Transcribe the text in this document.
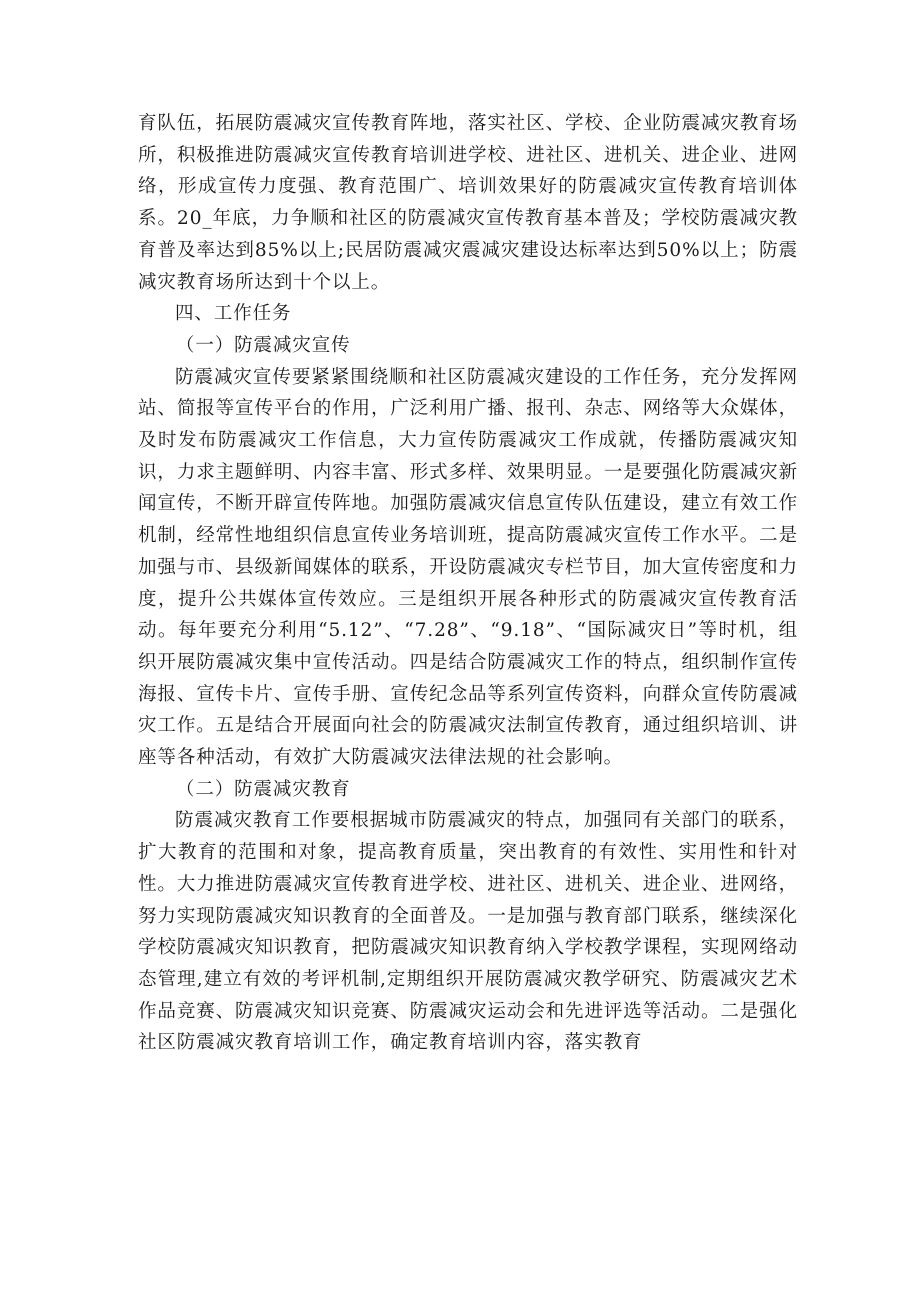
育队伍，拓展防震减灾宣传教育阵地，落实社区、学校、企业防震减灾教育场所，积极推进防震减灾宣传教育培训进学校、进社区、进机关、进企业、进网络，形成宣传力度强、教育范围广、培训效果好的防震减灾宣传教育培训体系。20_年底，力争顺和社区的防震减灾宣传教育基本普及；学校防震减灾教育普及率达到85%以上;民居防震减灾震减灾建设达标率达到50%以上；防震减灾教育场所达到十个以上。

四、工作任务

（一）防震减灾宣传

防震减灾宣传要紧紧围绕顺和社区防震减灾建设的工作任务，充分发挥网站、简报等宣传平台的作用，广泛利用广播、报刊、杂志、网络等大众媒体，及时发布防震减灾工作信息，大力宣传防震减灾工作成就，传播防震减灾知识，力求主题鲜明、内容丰富、形式多样、效果明显。一是要强化防震减灾新闻宣传，不断开辟宣传阵地。加强防震减灾信息宣传队伍建设，建立有效工作机制，经常性地组织信息宣传业务培训班，提高防震减灾宣传工作水平。二是加强与市、县级新闻媒体的联系，开设防震减灾专栏节目，加大宣传密度和力度，提升公共媒体宣传效应。三是组织开展各种形式的防震减灾宣传教育活动。每年要充分利用“5.12”、“7.28”、“9.18”、“国际减灾日”等时机，组织开展防震减灾集中宣传活动。四是结合防震减灾工作的特点，组织制作宣传海报、宣传卡片、宣传手册、宣传纪念品等系列宣传资料，向群众宣传防震减灾工作。五是结合开展面向社会的防震减灾法制宣传教育，通过组织培训、讲座等各种活动，有效扩大防震减灾法律法规的社会影响。

（二）防震减灾教育

防震减灾教育工作要根据城市防震减灾的特点，加强同有关部门的联系，扩大教育的范围和对象，提高教育质量，突出教育的有效性、实用性和针对性。大力推进防震减灾宣传教育进学校、进社区、进机关、进企业、进网络，努力实现防震减灾知识教育的全面普及。一是加强与教育部门联系，继续深化学校防震减灾知识教育，把防震减灾知识教育纳入学校教学课程，实现网络动态管理,建立有效的考评机制,定期组织开展防震减灾教学研究、防震减灾艺术作品竞赛、防震减灾知识竞赛、防震减灾运动会和先进评选等活动。二是强化社区防震减灾教育培训工作，确定教育培训内容，落实教育
